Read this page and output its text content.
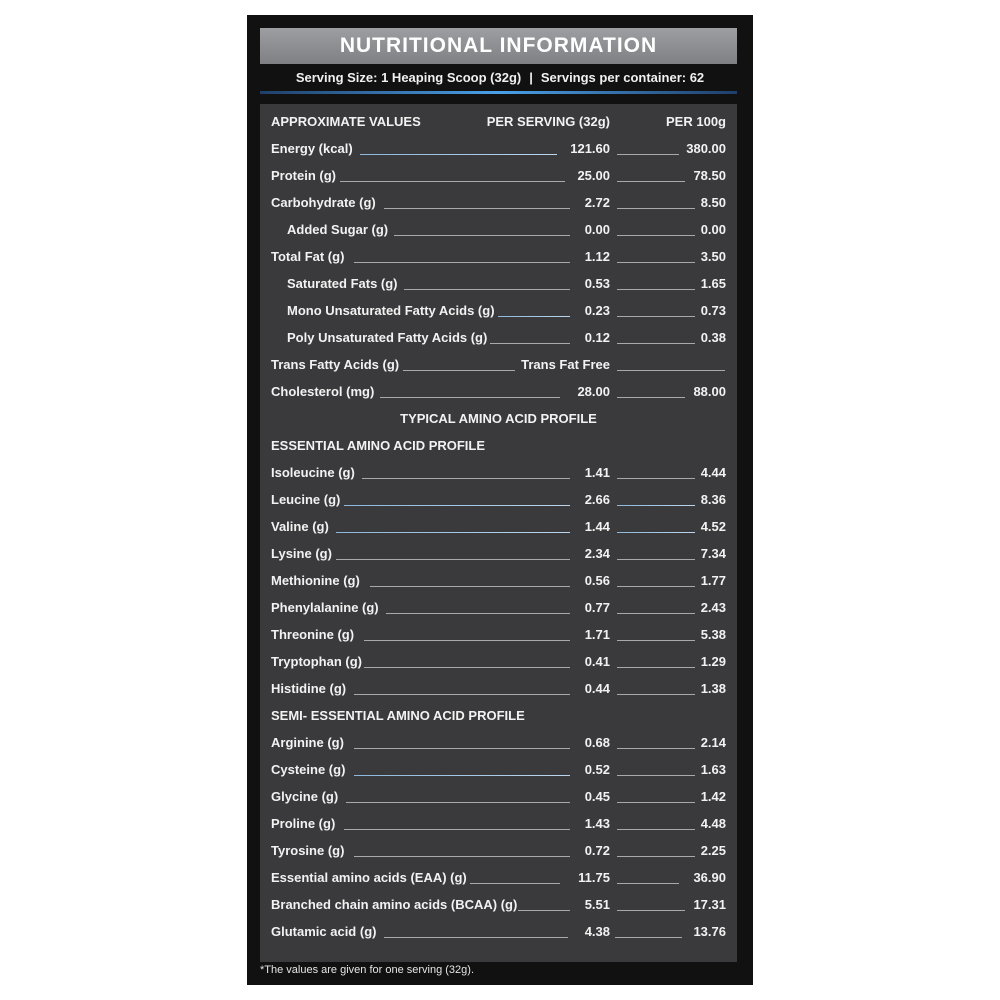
NUTRITIONAL INFORMATION
Serving Size: 1 Heaping Scoop (32g) | Servings per container: 62
APPROXIMATE VALUES	PER SERVING (32g)	PER 100g
Energy (kcal)	121.60	380.00
Protein (g)	25.00	78.50
Carbohydrate (g)	2.72	8.50
Added Sugar (g)	0.00	0.00
Total Fat (g)	1.12	3.50
Saturated Fats (g)	0.53	1.65
Mono Unsaturated Fatty Acids (g)	0.23	0.73
Poly Unsaturated Fatty Acids (g)	0.12	0.38
Trans Fatty Acids (g)	Trans Fat Free
Cholesterol (mg)	28.00	88.00
TYPICAL AMINO ACID PROFILE
ESSENTIAL AMINO ACID PROFILE
Isoleucine (g)	1.41	4.44
Leucine (g)	2.66	8.36
Valine (g)	1.44	4.52
Lysine (g)	2.34	7.34
Methionine (g)	0.56	1.77
Phenylalanine (g)	0.77	2.43
Threonine (g)	1.71	5.38
Tryptophan (g)	0.41	1.29
Histidine (g)	0.44	1.38
SEMI- ESSENTIAL AMINO ACID PROFILE
Arginine (g)	0.68	2.14
Cysteine (g)	0.52	1.63
Glycine (g)	0.45	1.42
Proline (g)	1.43	4.48
Tyrosine (g)	0.72	2.25
Essential amino acids (EAA) (g)	11.75	36.90
Branched chain amino acids (BCAA) (g)	5.51	17.31
Glutamic acid (g)	4.38	13.76
*The values are given for one serving (32g).
